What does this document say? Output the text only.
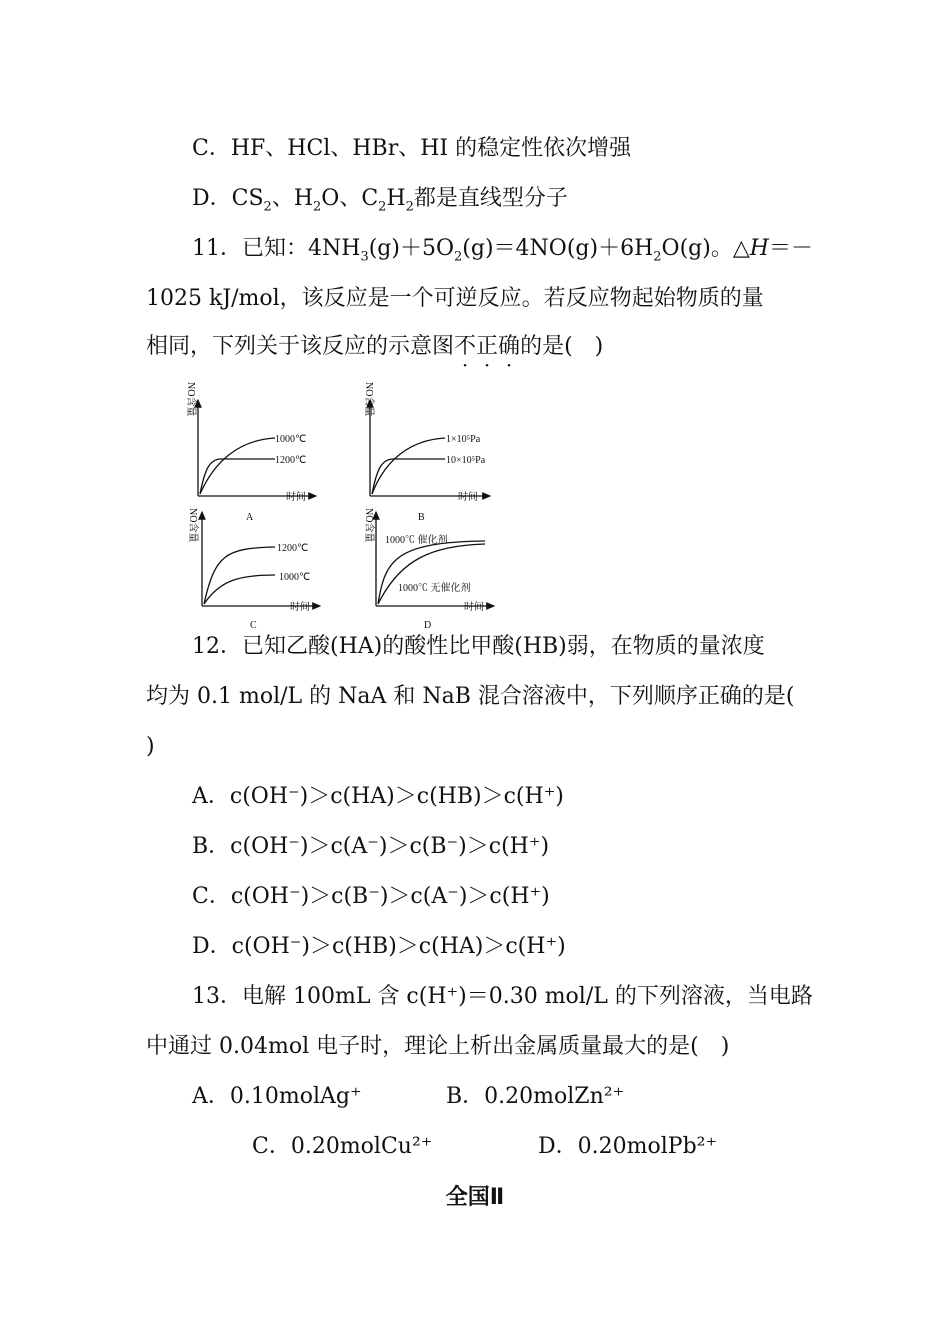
C．HF、HCl、HBr、HI 的稳定性依次增强
D．$CS_2$、$H_2O$、$C_2H_2$都是直线型分子
11．已知：$4NH_3(g)+5O_2(g)=4NO(g)+6H_2O(g)$。△H＝－
1025 kJ/mol，该反应是一个可逆反应。若反应物起始物质的量
相同，下列关于该反应的示意图不正确的是(　)
NO含量	NO含量
NO含量	NO含量
时间	时间
时间	时间
1000℃
1200℃
1×10⁵Pa
10×10⁵Pa
1200℃
1000℃
1000℃ 催化剂
1000℃ 无催化剂
A	B
C	D
12．已知乙酸(HA)的酸性比甲酸(HB)弱，在物质的量浓度
均为 0.1 mol/L 的 NaA 和 NaB 混合溶液中，下列顺序正确的是(
)
A．c(OH⁻)＞c(HA)＞c(HB)＞c(H⁺)
B．c(OH⁻)＞c(A⁻)＞c(B⁻)＞c(H⁺)
C．c(OH⁻)＞c(B⁻)＞c(A⁻)＞c(H⁺)
D．c(OH⁻)＞c(HB)＞c(HA)＞c(H⁺)
13．电解 100mL 含 c(H⁺)＝0.30 mol/L 的下列溶液，当电路
中通过 0.04mol 电子时，理论上析出金属质量最大的是(　)
A．0.10molAg⁺	B．0.20molZn²⁺
C．0.20molCu²⁺	D．0.20molPb²⁺
全国Ⅱ
